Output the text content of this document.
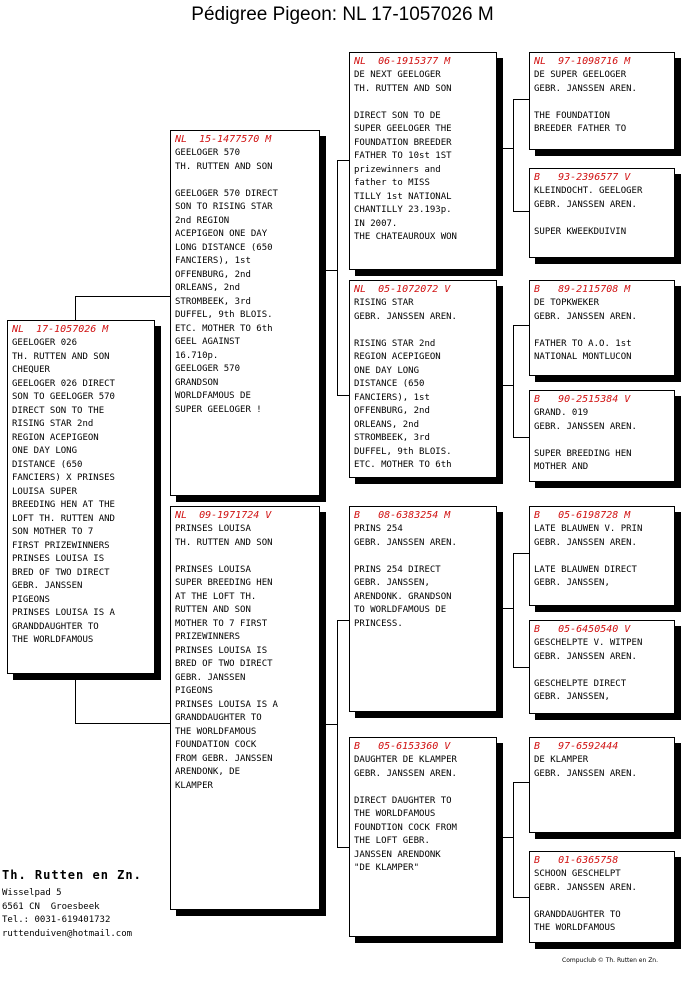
Pédigree Pigeon: NL 17-1057026 M
NL  17-1057026 M
GEELOGER 026
TH. RUTTEN AND SON
CHEQUER
GEELOGER 026 DIRECT
SON TO GEELOGER 570
DIRECT SON TO THE
RISING STAR 2nd
REGION ACEPIGEON
ONE DAY LONG
DISTANCE (650
FANCIERS) X PRINSES
LOUISA SUPER
BREEDING HEN AT THE
LOFT TH. RUTTEN AND
SON MOTHER TO 7
FIRST PRIZEWINNERS
PRINSES LOUISA IS
BRED OF TWO DIRECT
GEBR. JANSSEN
PIGEONS
PRINSES LOUISA IS A
GRANDDAUGHTER TO
THE WORLDFAMOUS
NL  15-1477570 M
GEELOGER 570
TH. RUTTEN AND SON

GEELOGER 570 DIRECT
SON TO RISING STAR
2nd REGION
ACEPIGEON ONE DAY
LONG DISTANCE (650
FANCIERS), 1st
OFFENBURG, 2nd
ORLEANS, 2nd
STROMBEEK, 3rd
DUFFEL, 9th BLOIS.
ETC. MOTHER TO 6th
GEEL AGAINST
16.710p.
GEELOGER 570
GRANDSON
WORLDFAMOUS DE
SUPER GEELOGER !
NL  09-1971724 V
PRINSES LOUISA
TH. RUTTEN AND SON

PRINSES LOUISA
SUPER BREEDING HEN
AT THE LOFT TH.
RUTTEN AND SON
MOTHER TO 7 FIRST
PRIZEWINNERS
PRINSES LOUISA IS
BRED OF TWO DIRECT
GEBR. JANSSEN
PIGEONS
PRINSES LOUISA IS A
GRANDDAUGHTER TO
THE WORLDFAMOUS
FOUNDATION COCK
FROM GEBR. JANSSEN
ARENDONK, DE
KLAMPER
NL  06-1915377 M
DE NEXT GEELOGER
TH. RUTTEN AND SON

DIRECT SON TO DE
SUPER GEELOGER THE
FOUNDATION BREEDER
FATHER TO 10st 1ST
prizewinners and
father to MISS
TILLY 1st NATIONAL
CHANTILLY 23.193p.
IN 2007.
THE CHATEAUROUX WON
NL  05-1072072 V
RISING STAR
GEBR. JANSSEN AREN.

RISING STAR 2nd
REGION ACEPIGEON
ONE DAY LONG
DISTANCE (650
FANCIERS), 1st
OFFENBURG, 2nd
ORLEANS, 2nd
STROMBEEK, 3rd
DUFFEL, 9th BLOIS.
ETC. MOTHER TO 6th
B   08-6383254 M
PRINS 254
GEBR. JANSSEN AREN.

PRINS 254 DIRECT
GEBR. JANSSEN,
ARENDONK. GRANDSON
TO WORLDFAMOUS DE
PRINCESS.
B   05-6153360 V
DAUGHTER DE KLAMPER
GEBR. JANSSEN AREN.

DIRECT DAUGHTER TO
THE WORLDFAMOUS
FOUNDTION COCK FROM
THE LOFT GEBR.
JANSSEN ARENDONK
"DE KLAMPER"
NL  97-1098716 M
DE SUPER GEELOGER
GEBR. JANSSEN AREN.

THE FOUNDATION
BREEDER FATHER TO
B   93-2396577 V
KLEINDOCHT. GEELOGER
GEBR. JANSSEN AREN.

SUPER KWEEKDUIVIN
B   89-2115708 M
DE TOPKWEKER
GEBR. JANSSEN AREN.

FATHER TO A.O. 1st
NATIONAL MONTLUCON
B   90-2515384 V
GRAND. 019
GEBR. JANSSEN AREN.

SUPER BREEDING HEN
MOTHER AND
B   05-6198728 M
LATE BLAUWEN V. PRIN
GEBR. JANSSEN AREN.

LATE BLAUWEN DIRECT
GEBR. JANSSEN,
B   05-6450540 V
GESCHELPTE V. WITPEN
GEBR. JANSSEN AREN.

GESCHELPTE DIRECT
GEBR. JANSSEN,
B   97-6592444
DE KLAMPER
GEBR. JANSSEN AREN.
B   01-6365758
SCHOON GESCHELPT
GEBR. JANSSEN AREN.

GRANDDAUGHTER TO
THE WORLDFAMOUS
Th. Rutten en Zn.
Wisselpad 5
6561 CN  Groesbeek
Tel.: 0031-619401732
ruttenduiven@hotmail.com
Compuclub © Th. Rutten en Zn.
